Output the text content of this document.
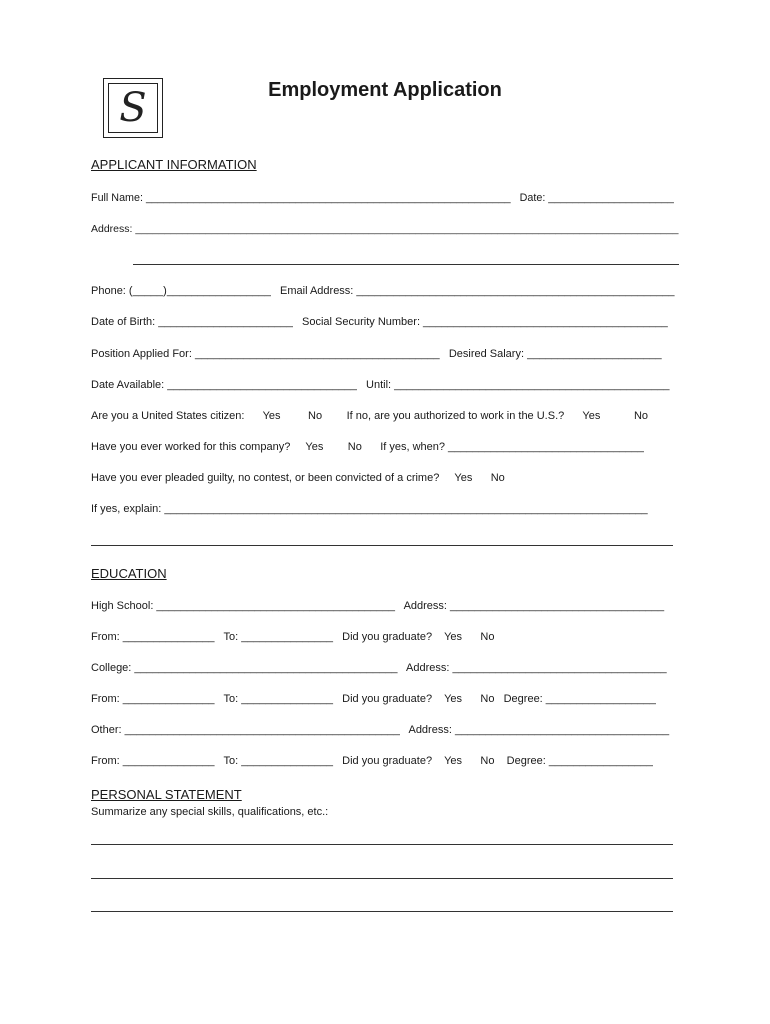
S	Employment Application
APPLICANT INFORMATION
Full Name: _____________________________________________________________   Date: _____________________
Address: _____________________________________________________________________________________________
Phone: (_____)_________________   Email Address: ____________________________________________________
Date of Birth: ______________________   Social Security Number: ________________________________________
Position Applied For: ________________________________________   Desired Salary: ______________________
Date Available: _______________________________   Until: _____________________________________________
Are you a United States citizen:      Yes         No        If no, are you authorized to work in the U.S.?      Yes           No
Have you ever worked for this company?     Yes        No      If yes, when? ________________________________
Have you ever pleaded guilty, no contest, or been convicted of a crime?     Yes      No
If yes, explain: _______________________________________________________________________________
EDUCATION
High School: _______________________________________   Address: ___________________________________
From: _______________   To: _______________   Did you graduate?    Yes      No
College: ___________________________________________   Address: ___________________________________
From: _______________   To: _______________   Did you graduate?    Yes      No   Degree: __________________
Other: _____________________________________________   Address: ___________________________________
From: _______________   To: _______________   Did you graduate?    Yes      No    Degree: _________________
PERSONAL STATEMENT
Summarize any special skills, qualifications, etc.:
